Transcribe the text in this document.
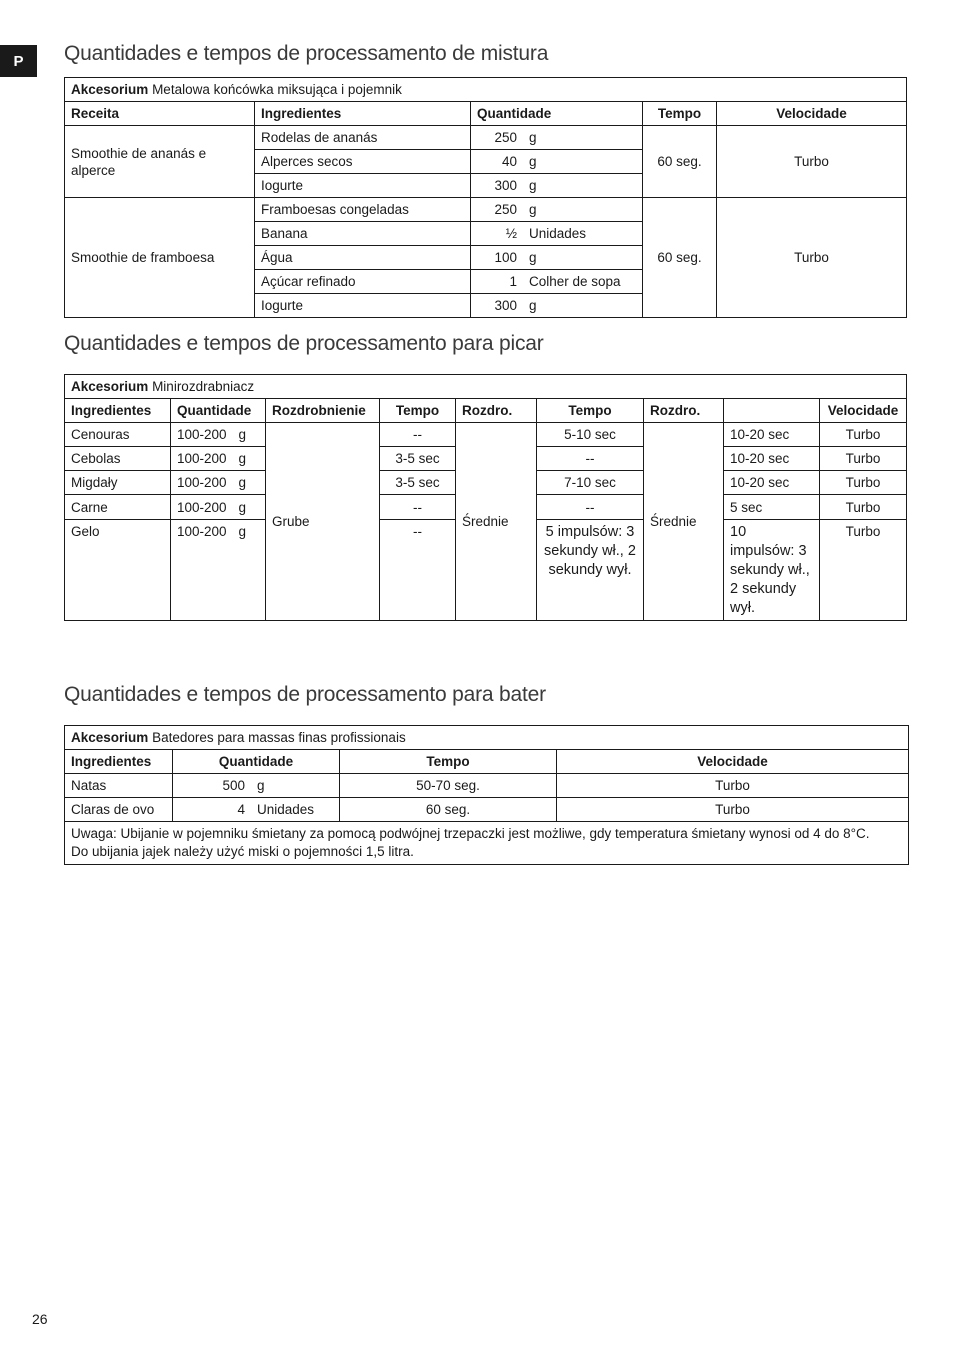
P	Quantidades e tempos de processamento de mistura
Akcesorium Metalowa końcówka miksująca i pojemnik				
Receita	Ingredientes	Quantidade	Tempo	Velocidade
Smoothie de ananás e alperce	Rodelas de ananás	250 g	60 seg.	Turbo
	Alperces secos	40 g		

	Iogurte	300 g		

Smoothie de framboesa	Framboesas congeladas	250 g	60 seg.	Turbo
	Banana	½ Unidades		

	Água	100 g		

	Açúcar refinado	1 Colher de sopa		

	Iogurte	300 g		
Quantidades e tempos de processamento para picar
Akcesorium Minirozdrabniacz								
Ingredientes	Quantidade	Rozdrobnienie	Tempo	Rozdro.	Tempo	Rozdro.		Velocidade
Cenouras	100-200 g	Grube	--	Średnie	5-10 sec	Średnie	10-20 sec	Turbo
Cebolas	100-200 g		3-5 sec		--		10-20 sec	Turbo
Migdały	100-200 g		3-5 sec		7-10 sec		10-20 sec	Turbo
Carne	100-200 g		--		--		5 sec	Turbo
Gelo	100-200 g		--		5 impulsów: 3 sekundy wł., 2 sekundy wył.		10 impulsów: 3 sekundy wł., 2 sekundy wył.	Turbo
Quantidades e tempos de processamento para bater
Akcesorium Batedores para massas finas profissionais			
Ingredientes	Quantidade	Tempo	Velocidade
Natas	500 g	50-70 seg.	Turbo
Claras de ovo	4 Unidades	60 seg.	Turbo

Uwaga: Ubijanie w pojemniku śmietany za pomocą podwójnej trzepaczki jest możliwe, gdy temperatura śmietany wynosi od 4 do 8°C.
Do ubijania jajek należy użyć miski o pojemności 1,5 litra.			
26
